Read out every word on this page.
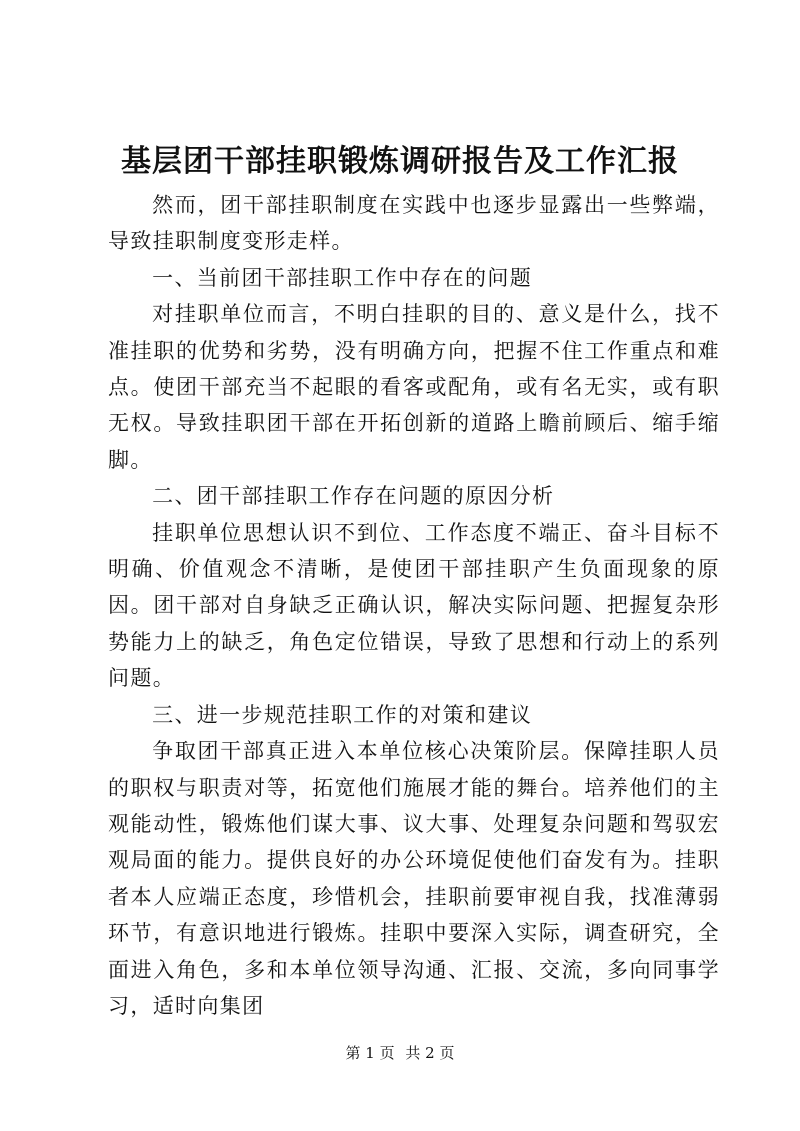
基层团干部挂职锻炼调研报告及工作汇报

然而，团干部挂职制度在实践中也逐步显露出一些弊端，导致挂职制度变形走样。

一、当前团干部挂职工作中存在的问题

对挂职单位而言，不明白挂职的目的、意义是什么，找不准挂职的优势和劣势，没有明确方向，把握不住工作重点和难点。使团干部充当不起眼的看客或配角，或有名无实，或有职无权。导致挂职团干部在开拓创新的道路上瞻前顾后、缩手缩脚。

二、团干部挂职工作存在问题的原因分析

挂职单位思想认识不到位、工作态度不端正、奋斗目标不明确、价值观念不清晰，是使团干部挂职产生负面现象的原因。团干部对自身缺乏正确认识，解决实际问题、把握复杂形势能力上的缺乏，角色定位错误，导致了思想和行动上的系列问题。

三、进一步规范挂职工作的对策和建议

争取团干部真正进入本单位核心决策阶层。保障挂职人员的职权与职责对等，拓宽他们施展才能的舞台。培养他们的主观能动性，锻炼他们谋大事、议大事、处理复杂问题和驾驭宏观局面的能力。提供良好的办公环境促使他们奋发有为。挂职者本人应端正态度，珍惜机会，挂职前要审视自我，找准薄弱环节，有意识地进行锻炼。挂职中要深入实际，调查研究，全面进入角色，多和本单位领导沟通、汇报、交流，多向同事学习，适时向集团

第 1 页 共 2 页
